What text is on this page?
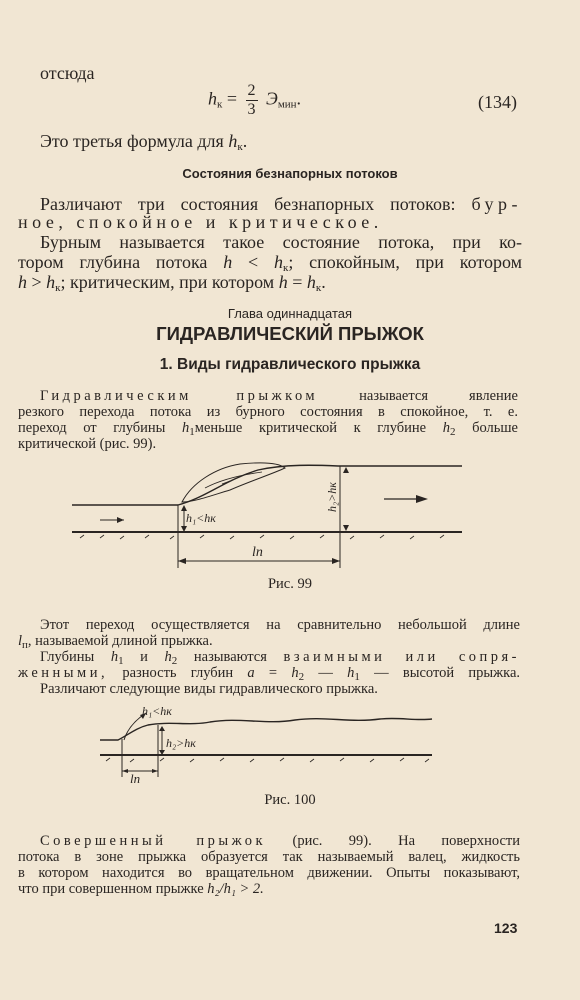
отсюда
$h_к = \frac{2}{3} Э_{мин}$.	(134)
Это третья формула для $h_к$.
Состояния безнапорных потоков
Различают три состояния безнапорных потоков: бур-
ное, спокойное и критическое.
Бурным называется такое состояние потока, при ко-
тором глубина потока $h < h_к$; спокойным, при котором
$h > h_к$; критическим, при котором $h = h_к$.
Глава одиннадцатая
ГИДРАВЛИЧЕСКИЙ ПРЫЖОК
1. Виды гидравлического прыжка
Гидравлическим прыжком	называется явление
резкого перехода потока из бурного состояния в спокойное, т. е.
переход от глубины $h_1меньше$ критической к глубине $h_2$ больше
критической (рис. 99).
h₁<hк
h₂>hк
lп
Рис. 99
Этот переход осуществляется на сравнительно небольшой длине
$l_п$, называемой длиной прыжка.
Глубины $h_1$ и $h_2$ называются взаимными или сопря-
женными, разность глубин $a = h_2$ — $h_1$ — высотой прыжка.
Различают следующие виды гидравлического прыжка.
h₁<hк
h₂>hк
lп
Рис. 100
Совершенный прыжок (рис. 99). На поверхности
потока в зоне прыжка образуется так называемый валец, жидкость
в котором находится во вращательном движении. Опыты показывают,
что при совершенном прыжке h₂/h₁ > 2.
123
